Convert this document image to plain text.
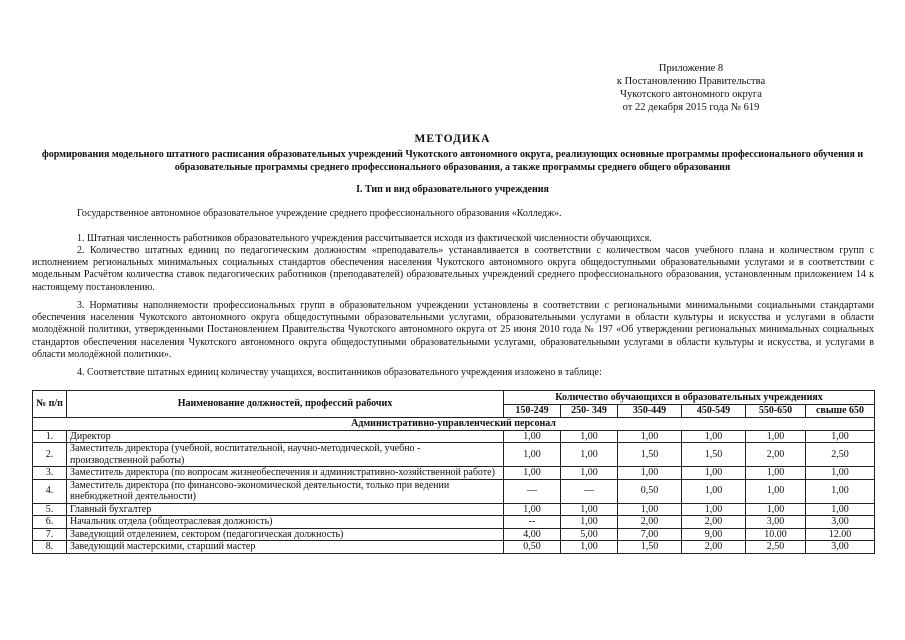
Приложение 8
к Постановлению Правительства
Чукотского автономного округа
от 22 декабря 2015 года № 619
МЕТОДИКА
формирования модельного штатного расписания образовательных учреждений Чукотского автономного округа, реализующих основные программы профессионального обучения и образовательные программы среднего профессионального образования, а также программы среднего общего образования
I. Тип и вид образовательного учреждения
Государственное автономное образовательное учреждение среднего профессионального образования «Колледж».
1. Штатная численность работников образовательного учреждения рассчитывается исходя из фактической численности обучающихся.
2. Количество штатных единиц по педагогическим должностям «преподаватель» устанавливается в соответствии с количеством часов учебного плана и количеством групп с исполнением региональных минимальных социальных стандартов обеспечения населения Чукотского автономного округа общедоступными образовательными услугами и в соответствии с модельным Расчётом количества ставок педагогических работников (преподавателей) образовательных учреждений среднего профессионального образования, установленным приложением 14 к настоящему постановлению.
3. Нормативы наполняемости профессиональных групп в образовательном учреждении установлены в соответствии с региональными минимальными социальными стандартами обеспечения населения Чукотского автономного округа общедоступными образовательными услугами, образовательными услугами в области культуры и искусства и услугами в области молодёжной политики, утвержденными Постановлением Правительства Чукотского автономного округа от 25 июня 2010 года № 197 «Об утверждении региональных минимальных социальных стандартов обеспечения населения Чукотского автономного округа общедоступными образовательными услугами, образовательными услугами в области культуры и искусства, и услугами в области молодёжной политики».
4. Соответствие штатных единиц количеству учащихся, воспитанников образовательного учреждения изложено в таблице:
№ п/п	Наименование должностей, профессий рабочих	Количество обучающихся в образовательных учреждениях					
		150-249	250- 349	350-449	450-549	550-650	свыше 650
Административно-управленческий персонал							
1.	Директор	1,00	1,00	1,00	1,00	1,00	1,00
2.	Заместитель директора (учебной, воспитательной, научно-методической, учебно - производственной работы)	1,00	1,00	1,50	1,50	2,00	2,50
3.	Заместитель директора (по вопросам жизнеобеспечения и административно-хозяйственной работе)	1,00	1,00	1,00	1,00	1,00	1,00
4.	Заместитель директора (по финансово-экономической деятельности, только при ведении внебюджетной деятельности)	—	—	0,50	1,00	1,00	1,00
5.	Главный бухгалтер	1,00	1,00	1,00	1,00	1,00	1,00
6.	Начальник отдела (общеотраслевая должность)	--	1,00	2,00	2,00	3,00	3,00
7.	Заведующий отделением, сектором (педагогическая должность)	4,00	5,00	7,00	9,00	10.00	12.00
8.	Заведующий мастерскими, старший мастер	0,50	1,00	1,50	2,00	2,50	3,00
